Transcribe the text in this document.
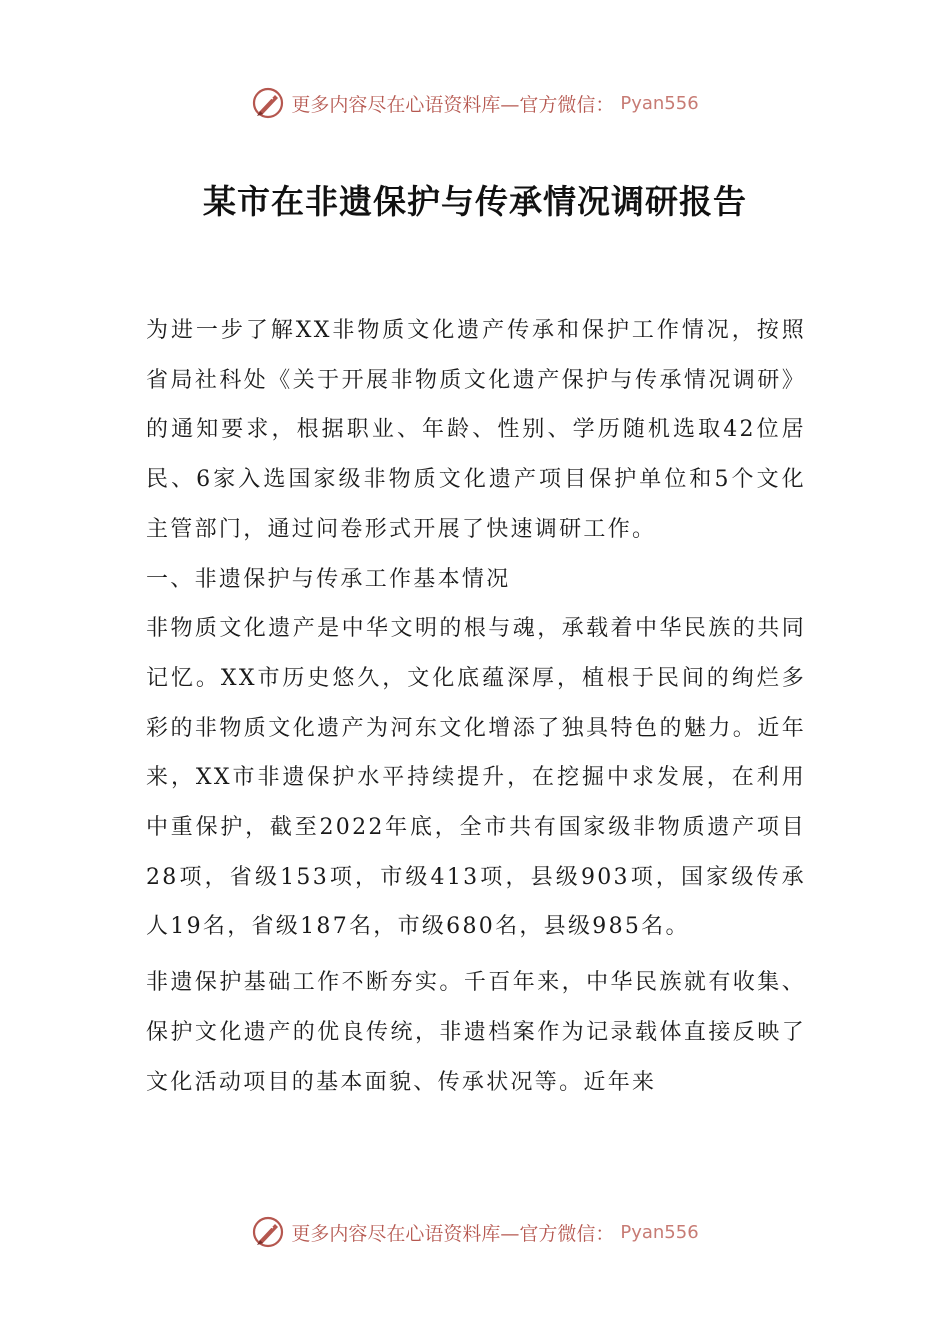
更多内容尽在心语资料库—官方微信： Pyan556
某市在非遗保护与传承情况调研报告

为进一步了解XX非物质文化遗产传承和保护工作情况，按照省局社科处《关于开展非物质文化遗产保护与传承情况调研》的通知要求，根据职业、年龄、性别、学历随机选取42位居民、6家入选国家级非物质文化遗产项目保护单位和5个文化主管部门，通过问卷形式开展了快速调研工作。

一、非遗保护与传承工作基本情况

非物质文化遗产是中华文明的根与魂，承载着中华民族的共同记忆。XX市历史悠久，文化底蕴深厚，植根于民间的绚烂多彩的非物质文化遗产为河东文化增添了独具特色的魅力。近年来，XX市非遗保护水平持续提升，在挖掘中求发展，在利用中重保护，截至2022年底，全市共有国家级非物质遗产项目28项，省级153项，市级413项，县级903项，国家级传承人19名，省级187名，市级680名，县级985名。

非遗保护基础工作不断夯实。千百年来，中华民族就有收集、保护文化遗产的优良传统，非遗档案作为记录载体直接反映了文化活动项目的基本面貌、传承状况等。近年来

更多内容尽在心语资料库—官方微信： Pyan556
